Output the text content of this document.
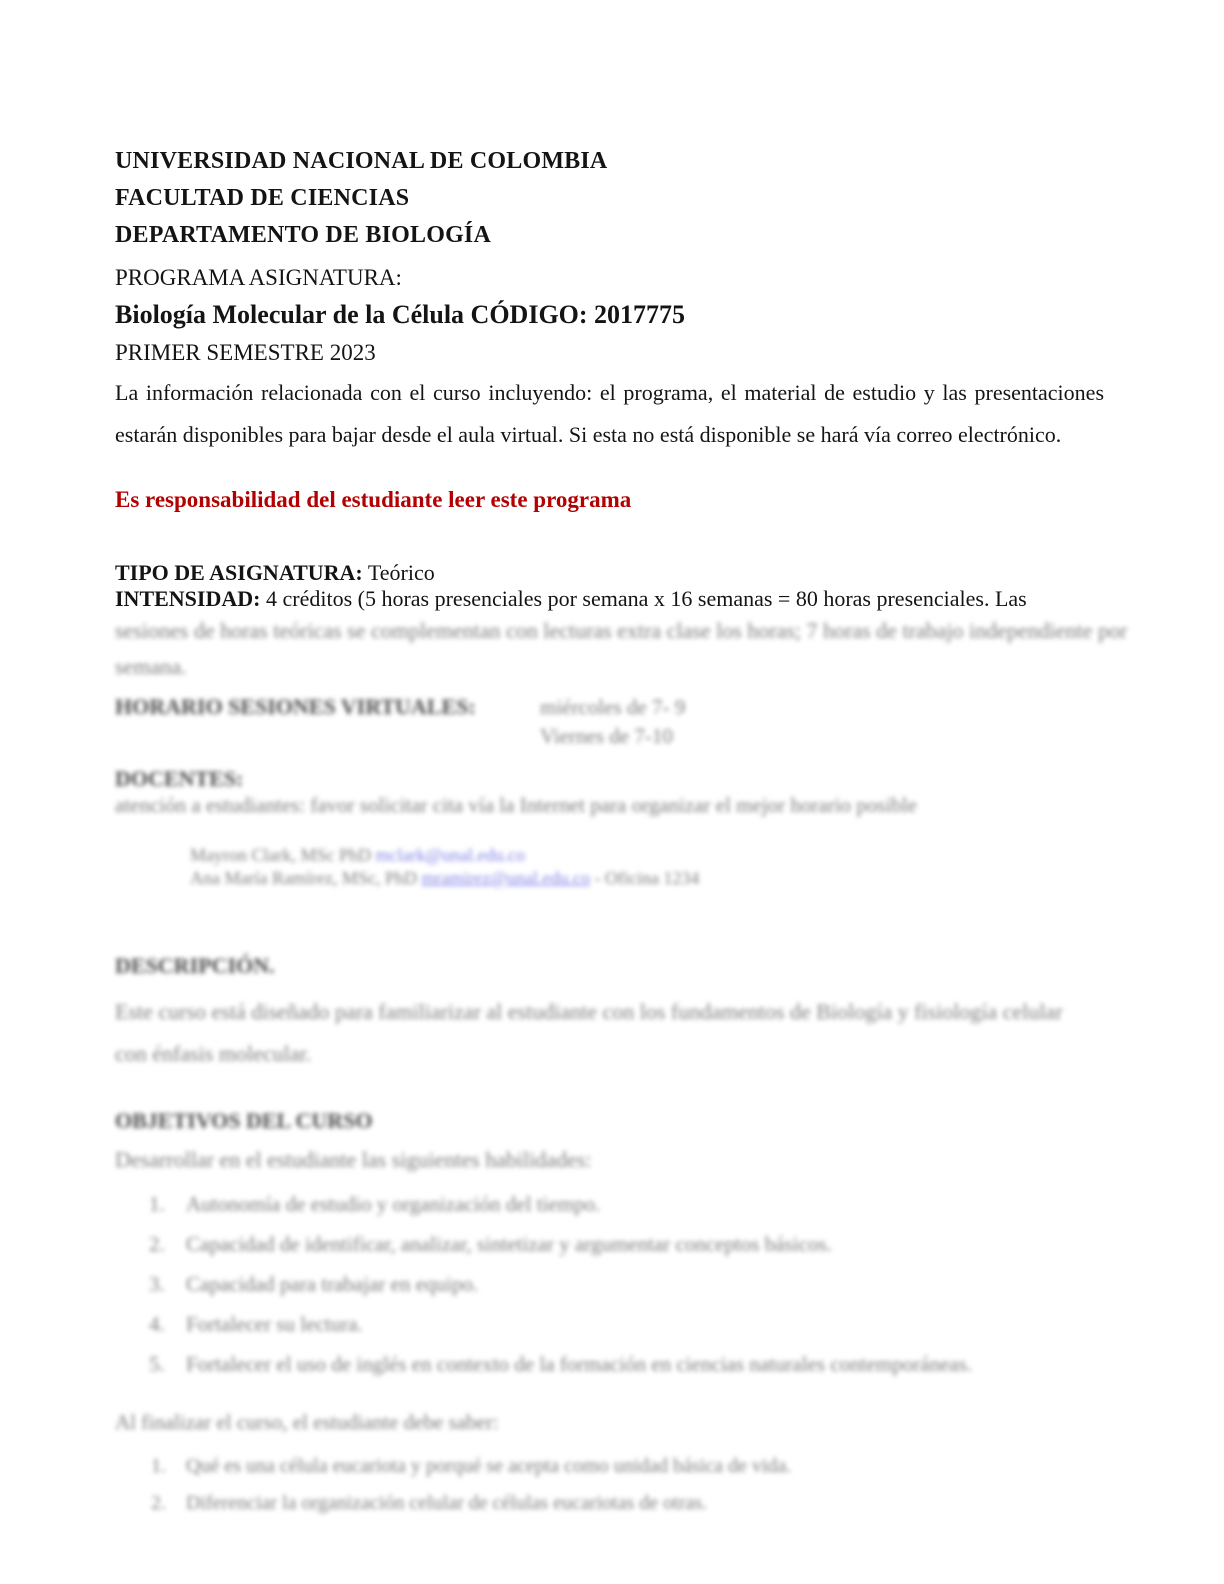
UNIVERSIDAD NACIONAL DE COLOMBIA
FACULTAD DE CIENCIAS
DEPARTAMENTO DE BIOLOGÍA
PROGRAMA ASIGNATURA:
Biología Molecular de la Célula CÓDIGO: 2017775
PRIMER SEMESTRE 2023
La información relacionada con el curso incluyendo: el programa, el material de estudio y las presentaciones estarán disponibles para bajar desde el aula virtual. Si esta no está disponible se hará vía correo electrónico.
Es responsabilidad del estudiante leer este programa
TIPO DE ASIGNATURA: Teórico
INTENSIDAD: 4 créditos (5 horas presenciales por semana x 16 semanas = 80 horas presenciales. Las
sesiones de horas teóricas se complementan con lecturas extra clase los horas; 7 horas de trabajo independiente por
semana.
HORARIO SESIONES VIRTUALES:	miércoles de 7- 9
Viernes de 7-10
DOCENTES:
atención a estudiantes: favor solicitar cita vía la Internet para organizar el mejor horario posible
Mayron Clark, MSc PhD mclark@unal.edu.co
Ana María Ramírez, MSc, PhD mramirez@unal.edu.co - Oficina 1234
DESCRIPCIÓN.
Este curso está diseñado para familiarizar al estudiante con los fundamentos de Biología y fisiología celular con énfasis molecular.
OBJETIVOS DEL CURSO
Desarrollar en el estudiante las siguientes habilidades:
1.	Autonomía de estudio y organización del tiempo.
2.	Capacidad de identificar, analizar, sintetizar y argumentar conceptos básicos.
3.	Capacidad para trabajar en equipo.
4.	Fortalecer su lectura.
5.	Fortalecer el uso de inglés en contexto de la formación en ciencias naturales contemporáneas.
Al finalizar el curso, el estudiante debe saber:
1.	Qué es una célula eucariota y porqué se acepta como unidad básica de vida.
2.	Diferenciar la organización celular de células eucariotas de otras.
